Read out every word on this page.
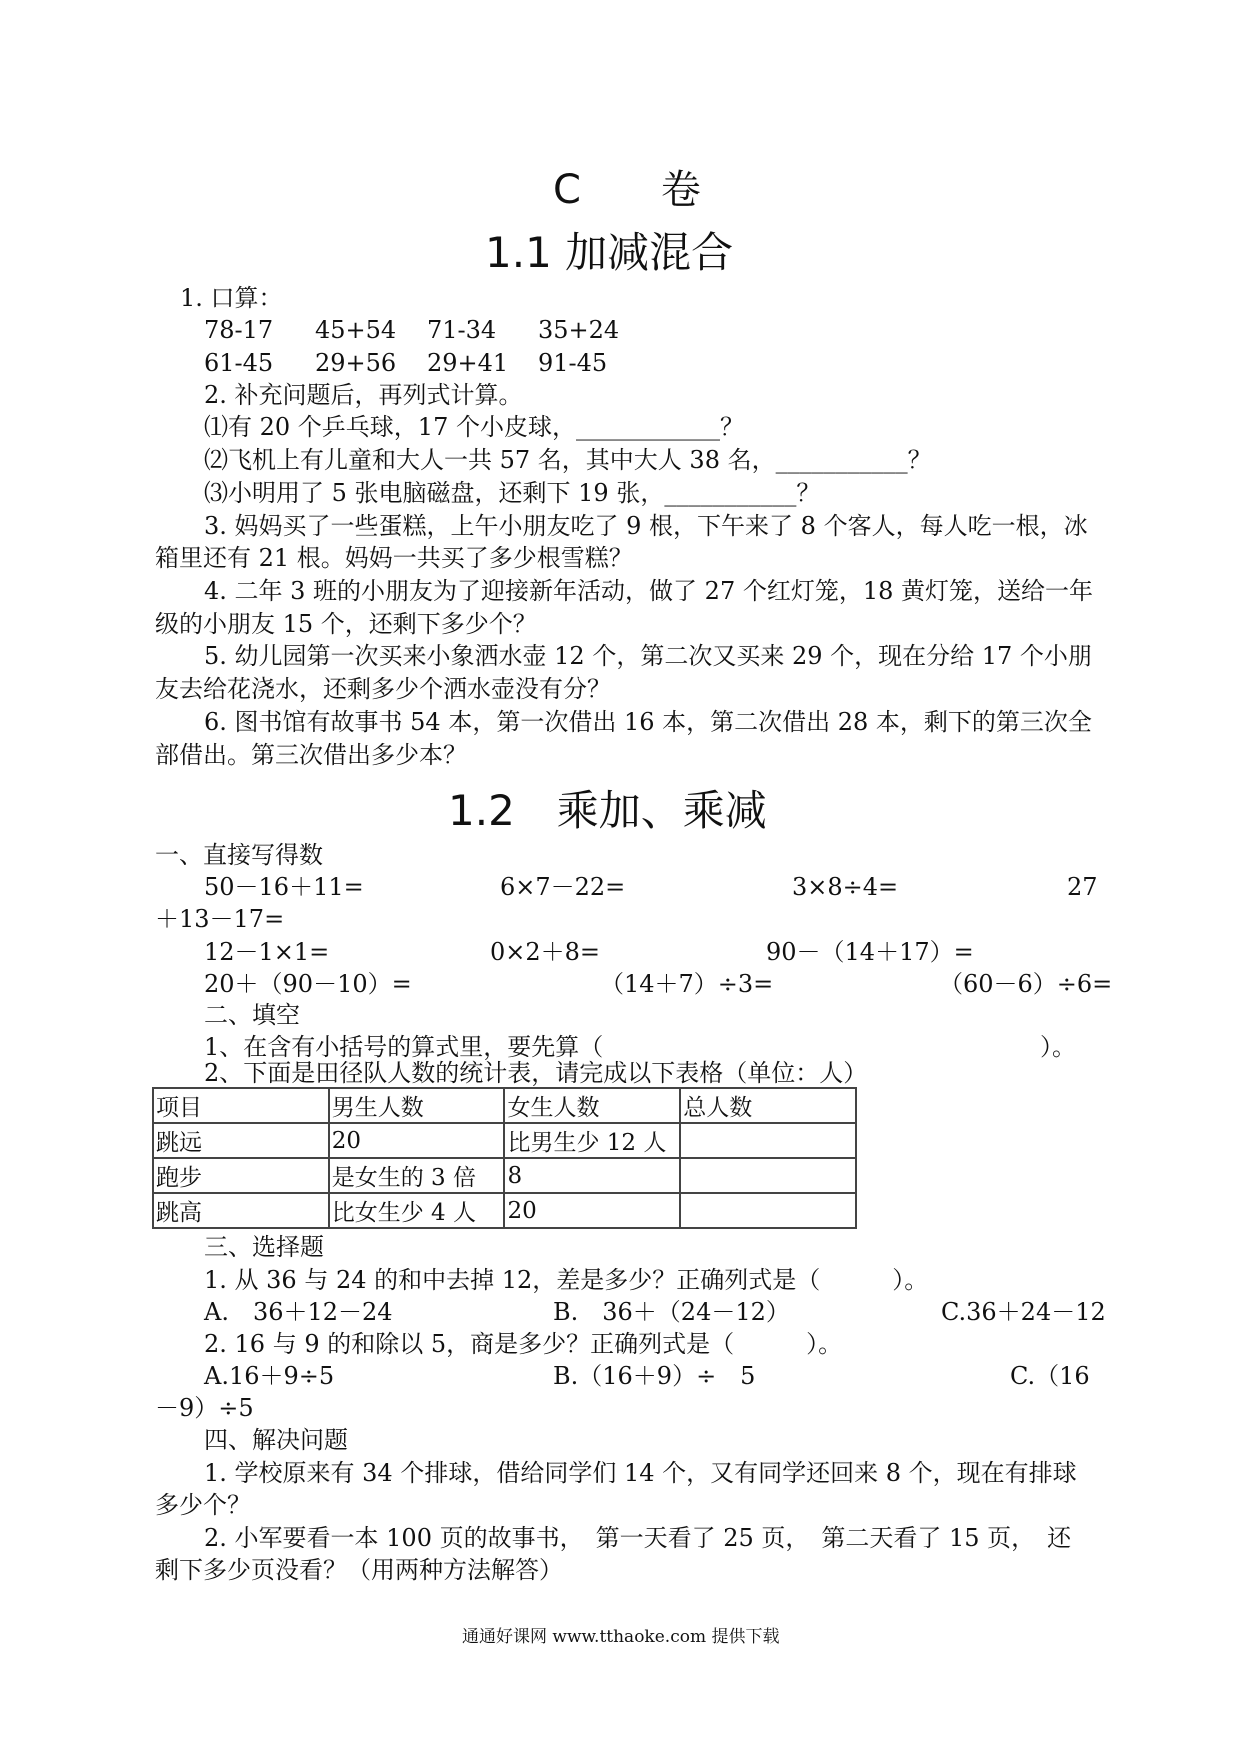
C　　卷
1.1 加减混合
1. 口算：
78-17 45+54 71-34 35+24
61-45 29+56 29+41 91-45
2. 补充问题后，再列式计算。
⑴有 20 个乒乓球，17 个小皮球，____________？
⑵飞机上有儿童和大人一共 57 名，其中大人 38 名，___________？
⑶小明用了 5 张电脑磁盘，还剩下 19 张，___________？
3. 妈妈买了一些蛋糕，上午小朋友吃了 9 根，下午来了 8 个客人，每人吃一根，冰
箱里还有 21 根。妈妈一共买了多少根雪糕？
4. 二年 3 班的小朋友为了迎接新年活动，做了 27 个红灯笼，18 黄灯笼，送给一年
级的小朋友 15 个，还剩下多少个？
5. 幼儿园第一次买来小象洒水壶 12 个，第二次又买来 29 个，现在分给 17 个小朋
友去给花浇水，还剩多少个洒水壶没有分？
6. 图书馆有故事书 54 本，第一次借出 16 本，第二次借出 28 本，剩下的第三次全
部借出。第三次借出多少本？
1.2　乘加、乘减
一、直接写得数
50－16＋11=	6×7－22=	3×8÷4=	27
＋13－17=
12－1×1=	0×2＋8=	90－（14＋17）=
20＋（90－10）=	（14＋7）÷3=	（60－6）÷6=
二、填空
1、在含有小括号的算式里，要先算（	）。
2、下面是田径队人数的统计表，请完成以下表格（单位：人）
项目	男生人数	女生人数	总人数
跳远	20	比男生少 12 人	
跑步	是女生的 3 倍	8	
跳高	比女生少 4 人	20	
三、选择题
1. 从 36 与 24 的和中去掉 12，差是多少？正确列式是（　　　）。
A.　36＋12－24	B.　36＋（24－12）	C.36＋24－12
2. 16 与 9 的和除以 5，商是多少？正确列式是（　　　）。
A.16＋9÷5	B.（16＋9）÷　5	C.（16
－9）÷5
四、解决问题
1. 学校原来有 34 个排球，借给同学们 14 个，又有同学还回来 8 个，现在有排球
多少个？
2. 小军要看一本 100 页的故事书，　第一天看了 25 页，　第二天看了 15 页，　还
剩下多少页没看？（用两种方法解答）
通通好课网 www.tthaoke.com 提供下载
